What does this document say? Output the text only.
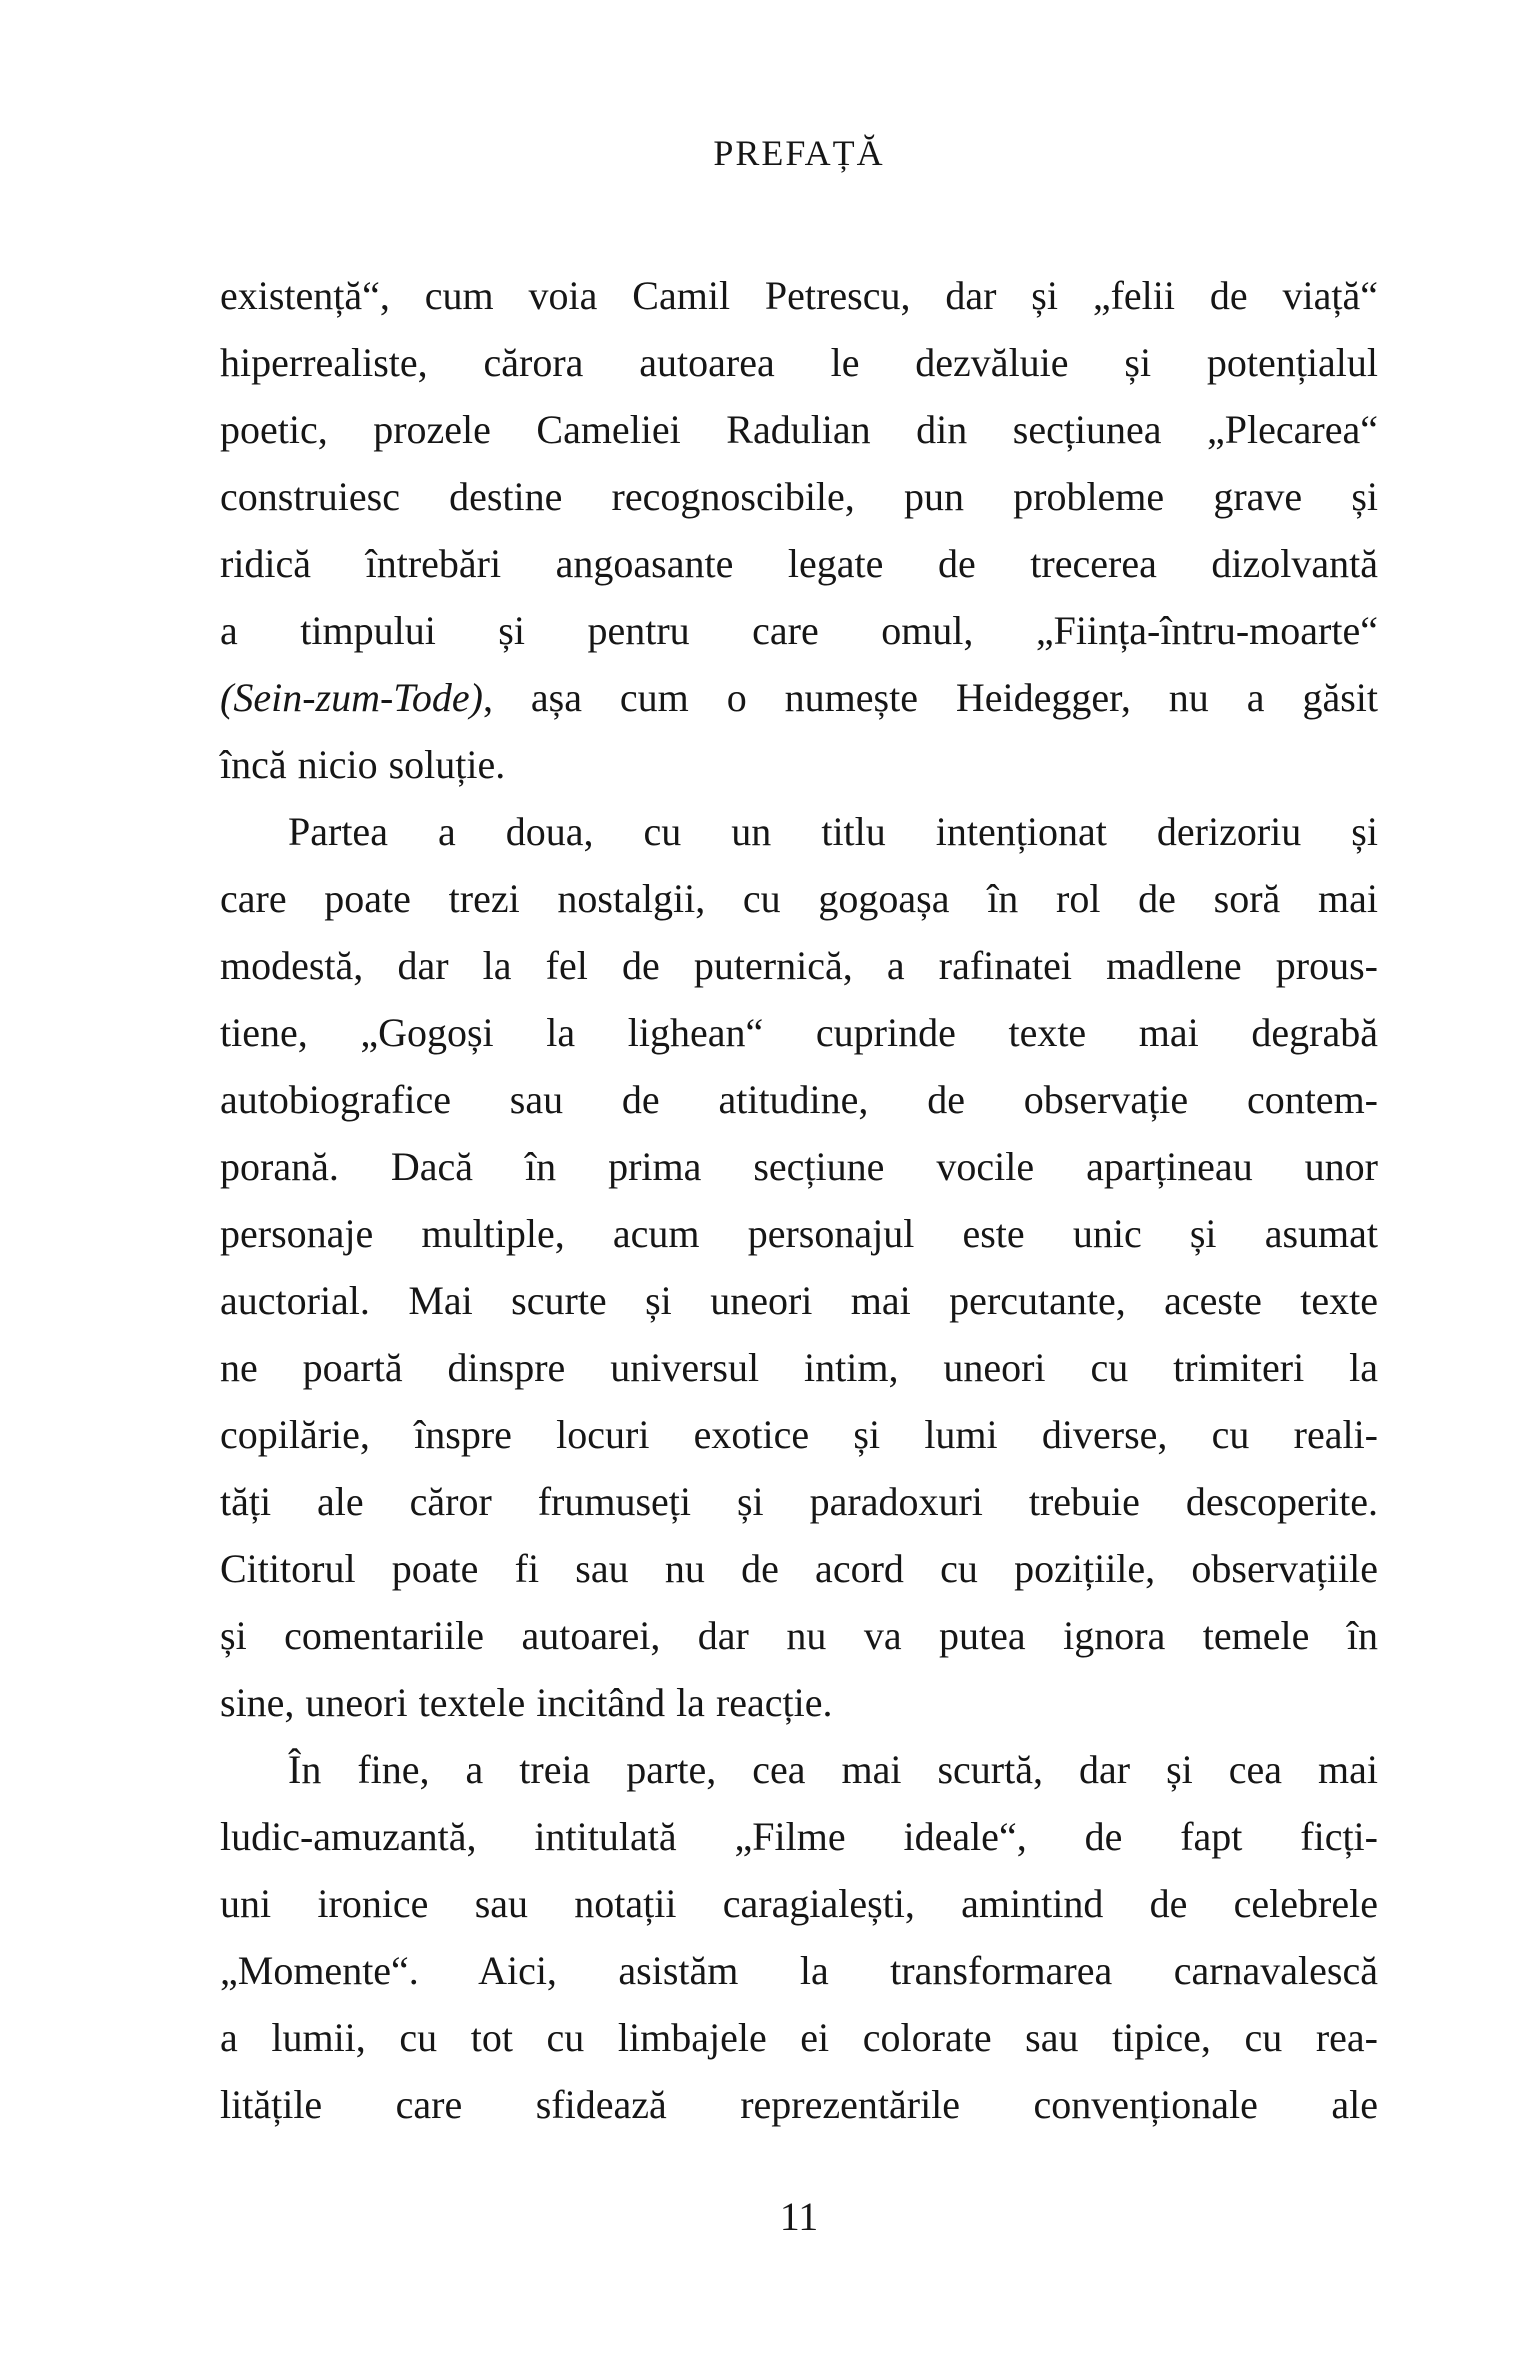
PREFAȚĂ
existență“, cum voia Camil Petrescu, dar și „felii de viață“
hiperrealiste, cărora autoarea le dezvăluie și potențialul
poetic, prozele Cameliei Radulian din secțiunea „Plecarea“
construiesc destine recognoscibile, pun probleme grave și
ridică întrebări angoasante legate de trecerea dizolvantă
a timpului și pentru care omul, „Ființa-întru-moarte“
(Sein-zum-Tode), așa cum o numește Heidegger, nu a găsit
încă nicio soluție.
Partea a doua, cu un titlu intenționat derizoriu și
care poate trezi nostalgii, cu gogoașa în rol de soră mai
modestă, dar la fel de puternică, a rafinatei madlene prous-
tiene, „Gogoși la lighean“ cuprinde texte mai degrabă
autobiografice sau de atitudine, de observație contem-
porană. Dacă în prima secțiune vocile aparțineau unor
personaje multiple, acum personajul este unic și asumat
auctorial. Mai scurte și uneori mai percutante, aceste texte
ne poartă dinspre universul intim, uneori cu trimiteri la
copilărie, înspre locuri exotice și lumi diverse, cu reali-
tăți ale căror frumuseți și paradoxuri trebuie descoperite.
Cititorul poate fi sau nu de acord cu pozițiile, observațiile
și comentariile autoarei, dar nu va putea ignora temele în
sine, uneori textele incitând la reacție.
În fine, a treia parte, cea mai scurtă, dar și cea mai
ludic-amuzantă, intitulată „Filme ideale“, de fapt ficți-
uni ironice sau notații caragialești, amintind de celebrele
„Momente“. Aici, asistăm la transformarea carnavalescă
a lumii, cu tot cu limbajele ei colorate sau tipice, cu rea-
litățile care sfidează reprezentările convenționale ale
11
